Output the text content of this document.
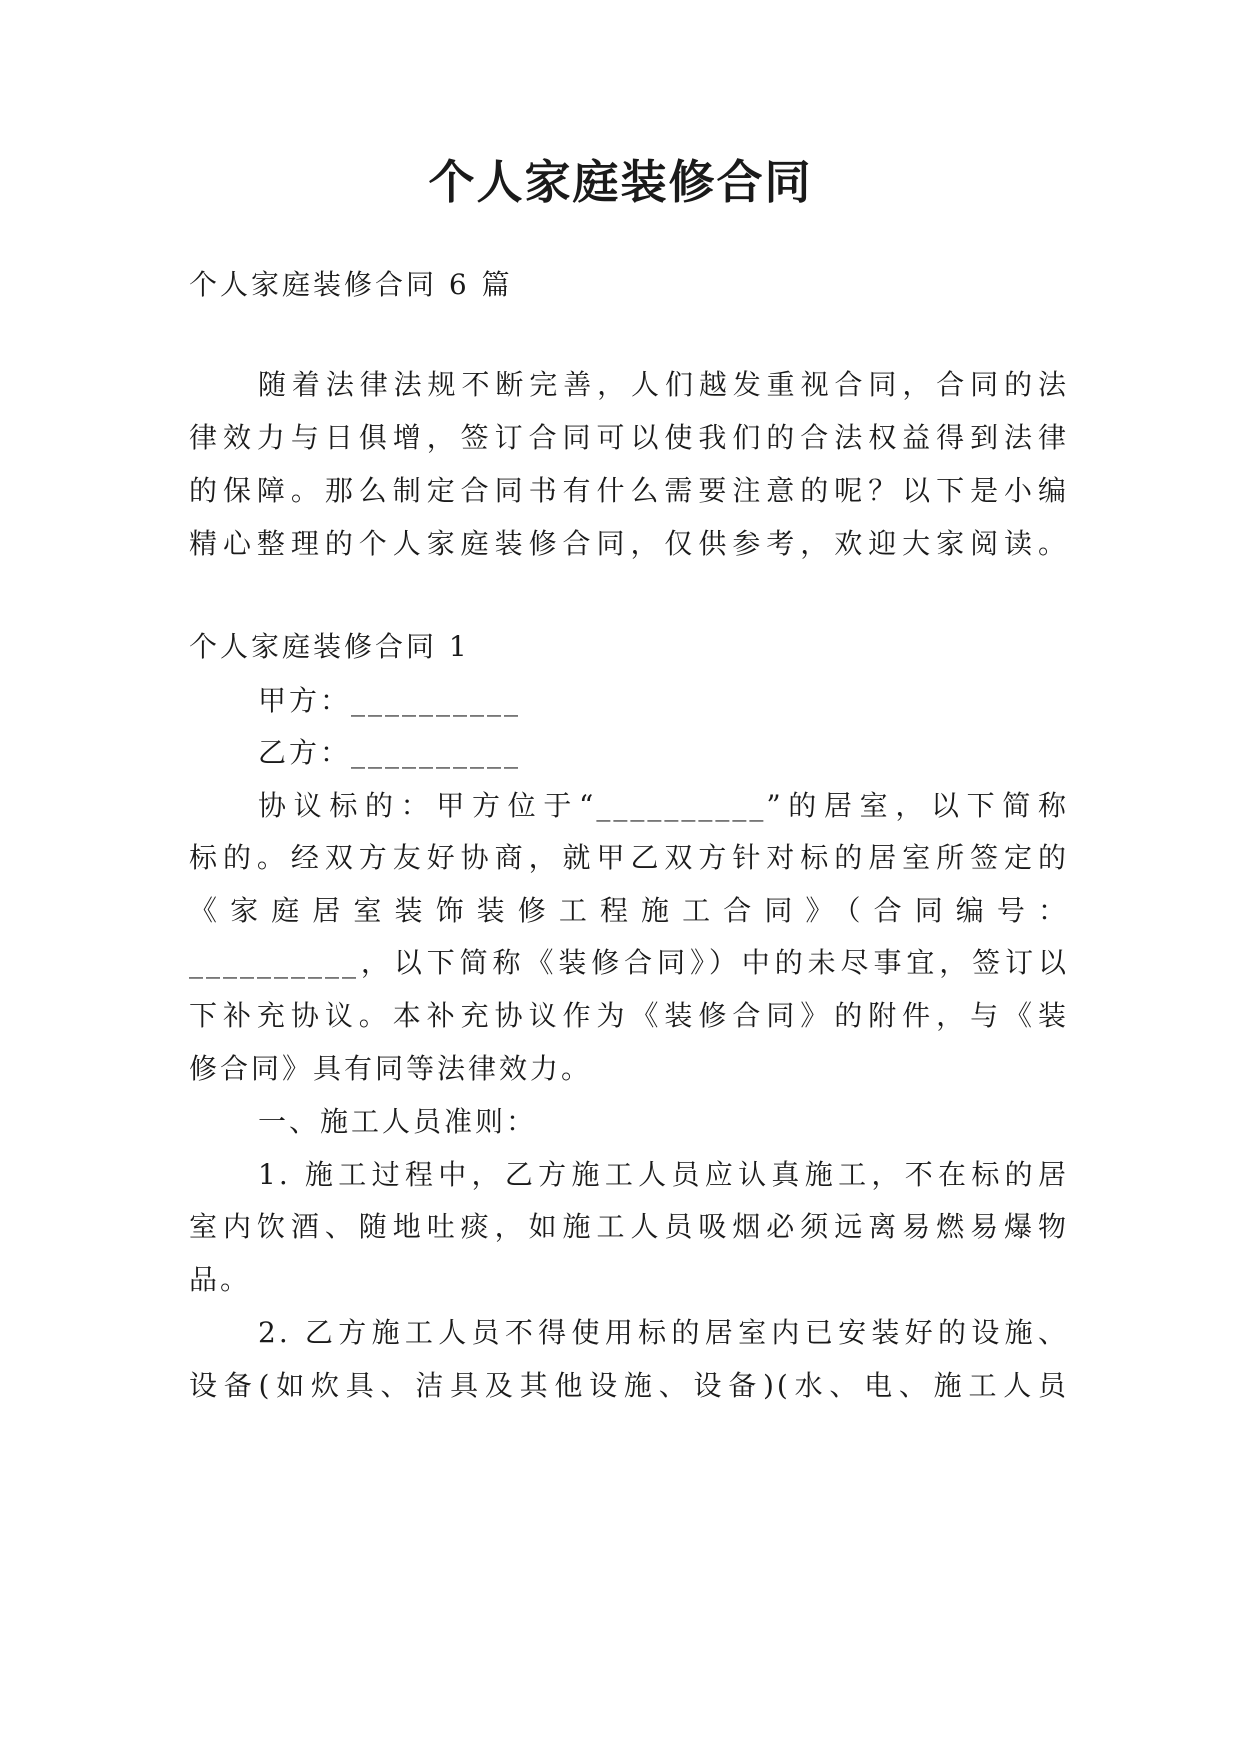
个人家庭装修合同
个人家庭装修合同 6 篇
随着法律法规不断完善，人们越发重视合同，合同的法
律效力与日俱增，签订合同可以使我们的合法权益得到法律
的保障。那么制定合同书有什么需要注意的呢？以下是小编
精心整理的个人家庭装修合同，仅供参考，欢迎大家阅读。
个人家庭装修合同 1
甲方：__________
乙方：__________
协议标的：甲方位于“__________”的居室，以下简称
标的。经双方友好协商，就甲乙双方针对标的居室所签定的
《家庭居室装饰装修工程施工合同》（合同编号：
__________，以下简称《装修合同》）中的未尽事宜，签订以
下补充协议。本补充协议作为《装修合同》的附件，与《装
修合同》具有同等法律效力。
一、施工人员准则：
1. 施工过程中，乙方施工人员应认真施工，不在标的居
室内饮酒、随地吐痰，如施工人员吸烟必须远离易燃易爆物
品。
2. 乙方施工人员不得使用标的居室内已安装好的设施、
设备(如炊具、洁具及其他设施、设备)(水、电、施工人员
